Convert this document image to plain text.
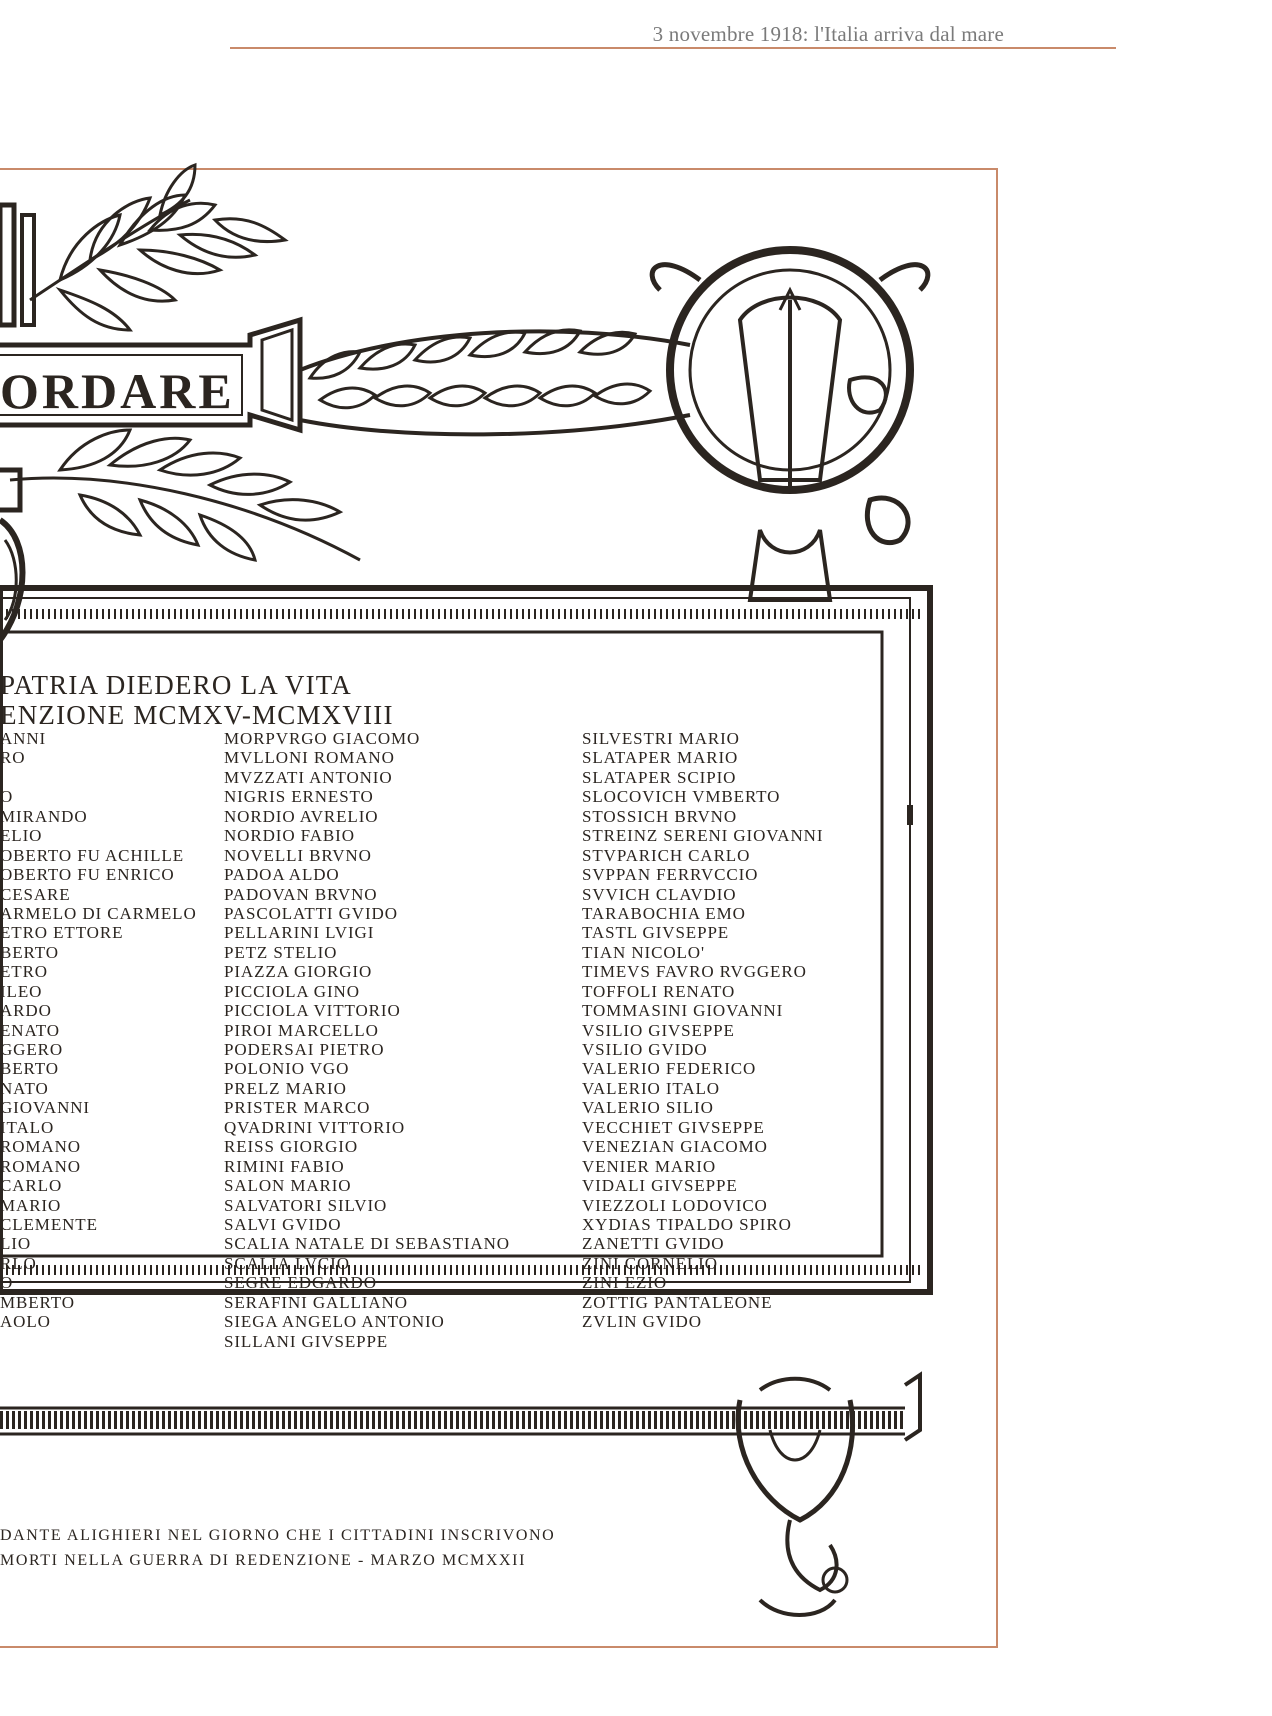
3 novembre 1918: l'Italia arriva dal mare
ORDARE
PATRIA DIEDERO LA VITA
ENZIONE MCMXV-MCMXVIII
ANNI
RO
O
MIRANDO
ELIO
OBERTO FU ACHILLE
OBERTO FU ENRICO
CESARE
ARMELO DI CARMELO
ETRO ETTORE
BERTO
ETRO
ILEO
ARDO
ENATO
GGERO
BERTO
NATO
GIOVANNI
ITALO
ROMANO
ROMANO
CARLO
MARIO
CLEMENTE
LIO
RLO
O
MBERTO
AOLO
MORPVRGO GIACOMO
MVLLONI ROMANO
MVZZATI ANTONIO
NIGRIS ERNESTO
NORDIO AVRELIO
NORDIO FABIO
NOVELLI BRVNO
PADOA ALDO
PADOVAN BRVNO
PASCOLATTI GVIDO
PELLARINI LVIGI
PETZ STELIO
PIAZZA GIORGIO
PICCIOLA GINO
PICCIOLA VITTORIO
PIROI MARCELLO
PODERSAI PIETRO
POLONIO VGO
PRELZ MARIO
PRISTER MARCO
QVADRINI VITTORIO
REISS GIORGIO
RIMINI FABIO
SALON MARIO
SALVATORI SILVIO
SALVI GVIDO
SCALIA NATALE DI SEBASTIANO
SCALIA LVCIO
SEGRE EDGARDO
SERAFINI GALLIANO
SIEGA ANGELO ANTONIO
SILLANI GIVSEPPE
SILVESTRI MARIO
SLATAPER MARIO
SLATAPER SCIPIO
SLOCOVICH VMBERTO
STOSSICH BRVNO
STREINZ SERENI GIOVANNI
STVPARICH CARLO
SVPPAN FERRVCCIO
SVVICH CLAVDIO
TARABOCHIA EMO
TASTL GIVSEPPE
TIAN NICOLO'
TIMEVS FAVRO RVGGERO
TOFFOLI RENATO
TOMMASINI GIOVANNI
VSILIO GIVSEPPE
VSILIO GVIDO
VALERIO FEDERICO
VALERIO ITALO
VALERIO SILIO
VECCHIET GIVSEPPE
VENEZIAN GIACOMO
VENIER MARIO
VIDALI GIVSEPPE
VIEZZOLI LODOVICO
XYDIAS TIPALDO SPIRO
ZANETTI GVIDO
ZINI CORNELIO
ZINI EZIO
ZOTTIG PANTALEONE
ZVLIN GVIDO
DANTE ALIGHIERI NEL GIORNO CHE I CITTADINI INSCRIVONO
MORTI NELLA GUERRA DI REDENZIONE - MARZO MCMXXII
